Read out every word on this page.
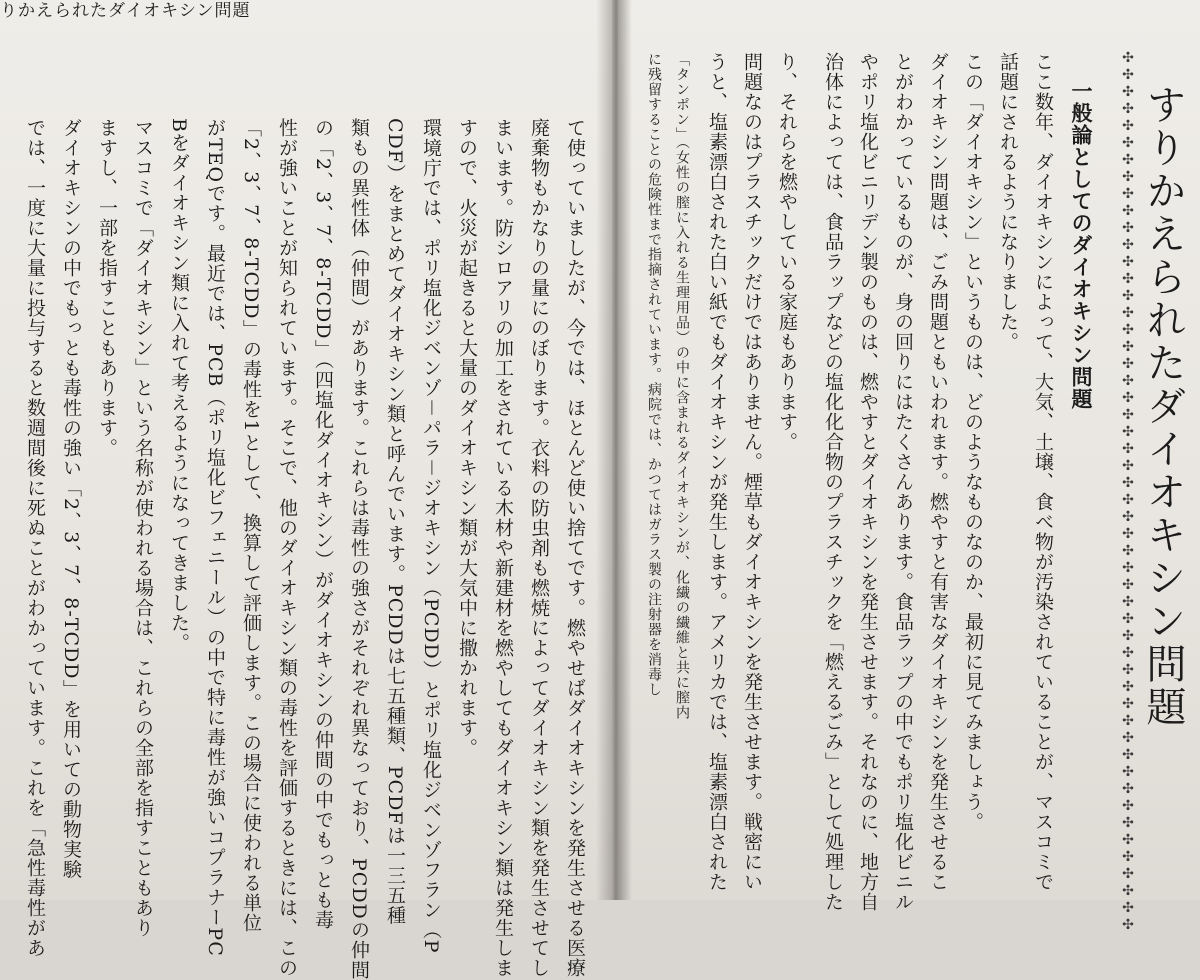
りかえられたダイオキシン問題
て使っていましたが、今では、ほとんど使い捨てです。燃やせばダイオキシンを発生させる医療
廃棄物もかなりの量にのぼります。衣料の防虫剤も燃焼によってダイオキシン類を発生させてし
まいます。防シロアリの加工をされている木材や新建材を燃やしてもダイオキシン類は発生しま
すので、火災が起きると大量のダイオキシン類が大気中に撒かれます。
環境庁では、ポリ塩化ジベンゾ－パラ－ジオキシン（PCDD）とポリ塩化ジベンゾフラン（P
CDF）をまとめてダイオキシン類と呼んでいます。PCDDは七五種類、PCDFは一三五種
類もの異性体（仲間）があります。これらは毒性の強さがそれぞれ異なっており、PCDDの仲間
の「2、3、7、8-TCDD」（四塩化ダイオキシン）がダイオキシンの仲間の中でもっとも毒
性が強いことが知られています。そこで、他のダイオキシン類の毒性を評価するときには、この
「2、3、7、8-TCDD」の毒性を1として、換算して評価します。この場合に使われる単位
がTEQです。最近では、PCB（ポリ塩化ビフェニール）の中で特に毒性が強いコプラナーPC
Bをダイオキシン類に入れて考えるようになってきました。
マスコミで「ダイオキシン」という名称が使われる場合は、これらの全部を指すこともあり
ますし、一部を指すこともあります。
ダイオキシンの中でもっとも毒性の強い「2、3、7、8-TCDD」を用いての動物実験
では、一度に大量に投与すると数週間後に死ぬことがわかっています。これを「急性毒性があ	すりかえられたダイオキシン問題
✣
✣
✣
✣
✣
✣
✣
✣
✣
✣
✣
✣
✣
✣
✣
✣
✣
✣
✣
✣
✣
✣
✣
✣
✣
✣
✣
✣
✣
✣
✣
✣
✣
✣
✣
✣
✣
✣
✣
✣
✣
✣
✣
✣
✣
✣
✣
✣
✣
✣
✣
✣
一般論としてのダイオキシン問題
ここ数年、ダイオキシンによって、大気、土壌、食べ物が汚染されていることが、マスコミで
話題にされるようになりました。
この「ダイオキシン」というものは、どのようなものなのか、最初に見てみましょう。
ダイオキシン問題は、ごみ問題ともいわれます。燃やすと有害なダイオキシンを発生させるこ
とがわかっているものが、身の回りにはたくさんあります。食品ラップの中でもポリ塩化ビニル
やポリ塩化ビニリデン製のものは、燃やすとダイオキシンを発生させます。それなのに、地方自
治体によっては、食品ラップなどの塩化化合物のプラスチックを「燃えるごみ」として処理した
り、それらを燃やしている家庭もあります。
問題なのはプラスチックだけではありません。煙草もダイオキシンを発生させます。戦密にい
うと、塩素漂白された白い紙でもダイオキシンが発生します。アメリカでは、塩素漂白された
「タンポン」（女性の膣に入れる生理用品）の中に含まれるダイオキシンが、化繊の繊維と共に膣内
に残留することの危険性まで指摘されています。病院では、かつてはガラス製の注射器を消毒し
